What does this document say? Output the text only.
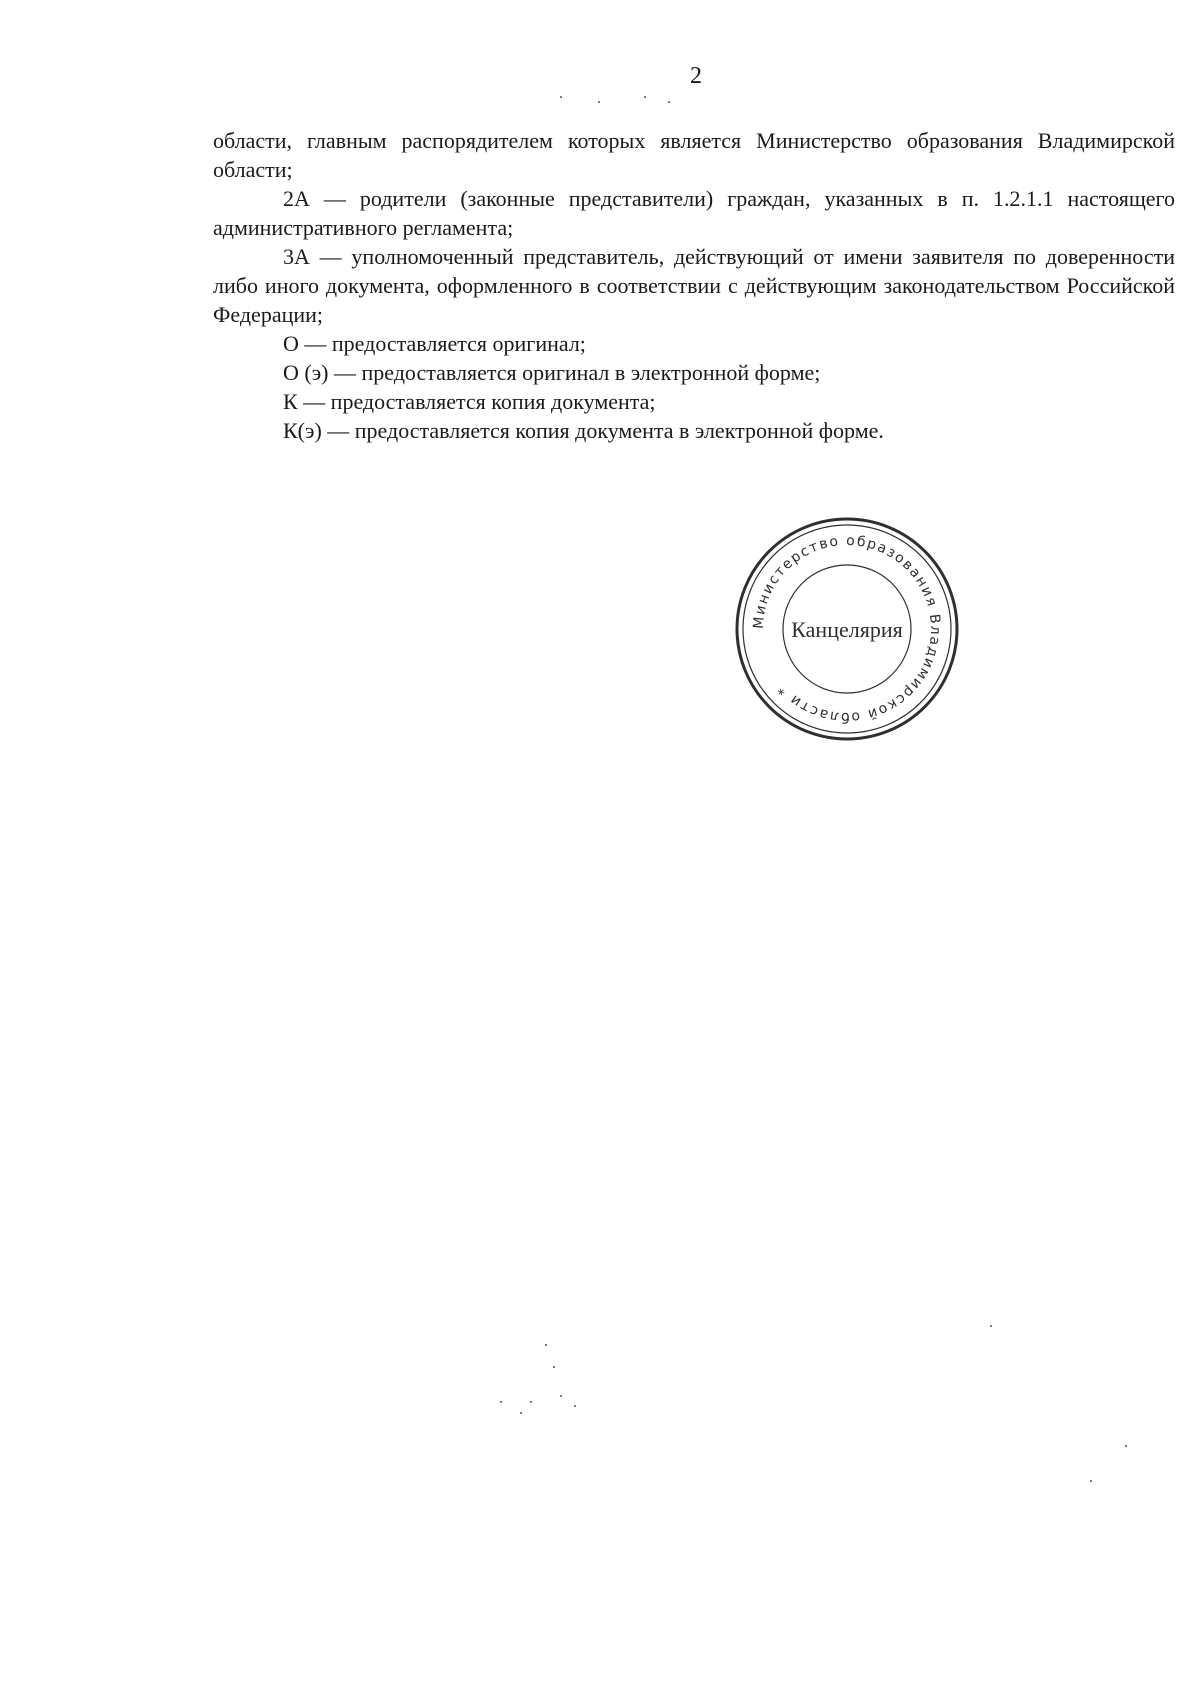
2

области, главным распорядителем которых является Министерство образования Владимирской области;

2А — родители (законные представители) граждан, указанных в п. 1.2.1.1 настоящего административного регламента;

3А — уполномоченный представитель, действующий от имени заявителя по доверенности либо иного документа, оформленного в соответствии с действующим законодательством Российской Федерации;

О — предоставляется оригинал;

О (э) — предоставляется оригинал в электронной форме;

К — предоставляется копия документа;

К(э) — предоставляется копия документа в электронной форме.

Министерство образования Владимирской области *
Канцелярия
